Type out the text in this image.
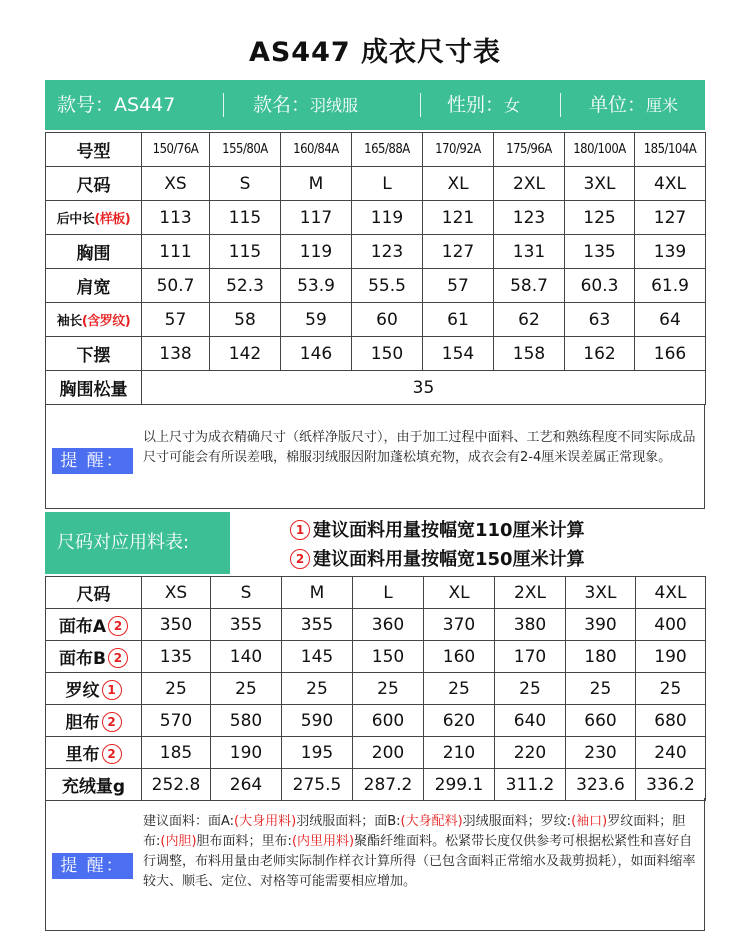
AS447 成衣尺寸表
款号：AS447	款名：羽绒服	性别：女	单位：厘米
号型	150/76A	155/80A	160/84A	165/88A	170/92A	175/96A	180/100A	185/104A
尺码	XS	S	M	L	XL	2XL	3XL	4XL
后中长(样板)	113	115	117	119	121	123	125	127
胸围	111	115	119	123	127	131	135	139
肩宽	50.7	52.3	53.9	55.5	57	58.7	60.3	61.9
袖长(含罗纹)	57	58	59	60	61	62	63	64
下摆	138	142	146	150	154	158	162	166
胸围松量	35							
提 醒：
以上尺寸为成衣精确尺寸（纸样净版尺寸），由于加工过程中面料、工艺和熟练程度不同实际成品尺寸可能会有所误差哦，棉服羽绒服因附加蓬松填充物，成衣会有2-4厘米误差属正常现象。
尺码对应用料表:
1 建议面料用量按幅宽110厘米计算
2 建议面料用量按幅宽150厘米计算
尺码	XS	S	M	L	XL	2XL	3XL	4XL
面布A 2	350	355	355	360	370	380	390	400
面布B 2	135	140	145	150	160	170	180	190
罗纹 1	25	25	25	25	25	25	25	25
胆布 2	570	580	590	600	620	640	660	680
里布 2	185	190	195	200	210	220	230	240
充绒量g	252.8	264	275.5	287.2	299.1	311.2	323.6	336.2
提 醒：
建议面料：面A:(大身用料)羽绒服面料；面B:(大身配料)羽绒服面料；罗纹:(袖口)罗纹面料；胆布:(内胆)胆布面料；里布:(内里用料)聚酯纤维面料。松紧带长度仅供参考可根据松紧性和喜好自行调整，布料用量由老师实际制作样衣计算所得（已包含面料正常缩水及裁剪损耗），如面料缩率较大、顺毛、定位、对格等可能需要相应增加。
